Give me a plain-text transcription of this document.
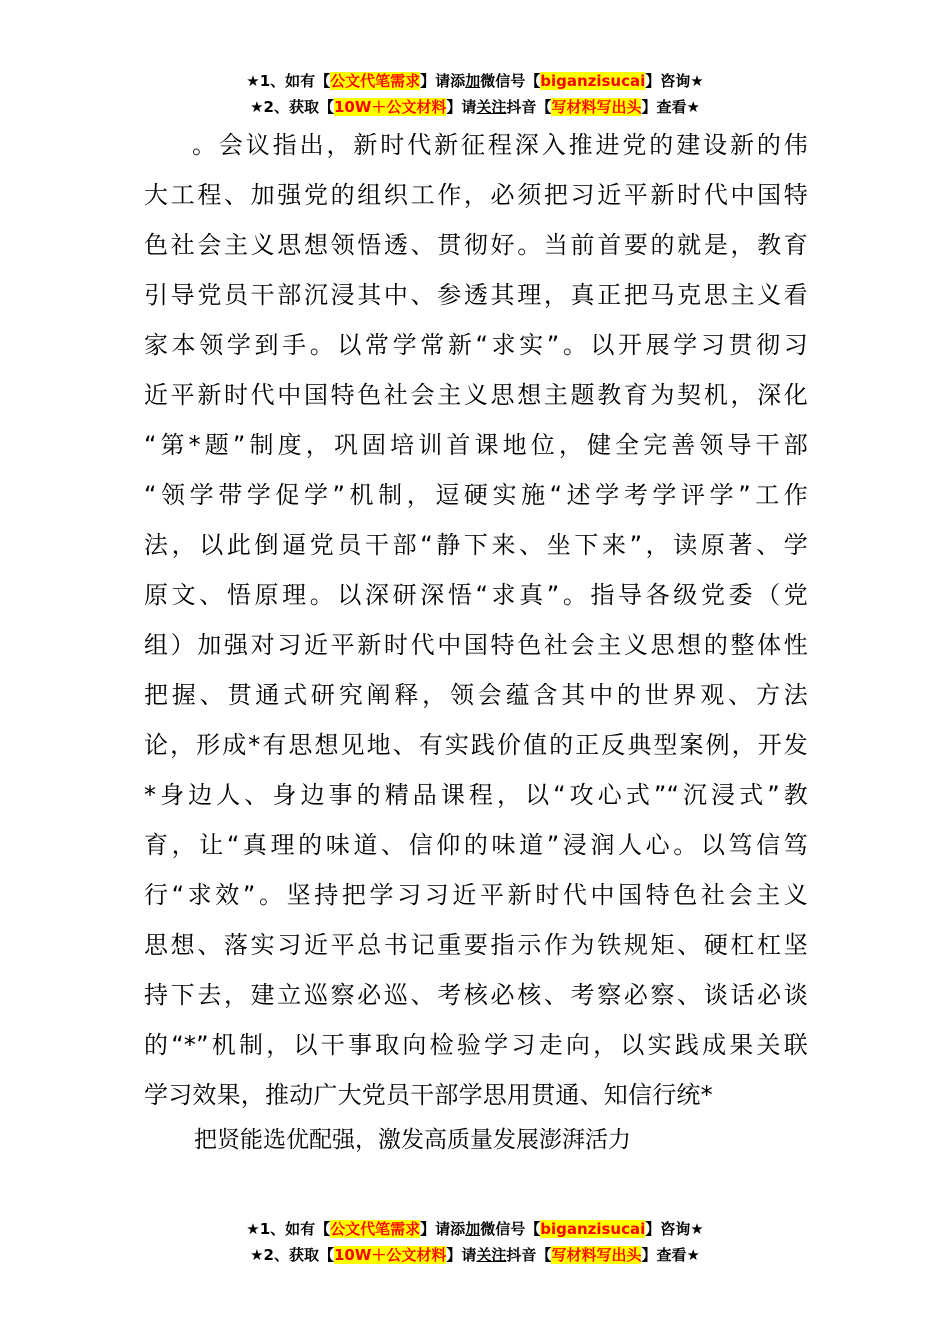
★1、如有【公文代笔需求】请添加微信号【biganzisucai】咨询★
★2、获取【10W＋公文材料】请关注抖音【写材料写出头】查看★
。会议指出，新时代新征程深入推进党的建设新的伟
大工程、加强党的组织工作，必须把习近平新时代中国特
色社会主义思想领悟透、贯彻好。当前首要的就是，教育
引导党员干部沉浸其中、参透其理，真正把马克思主义看
家本领学到手。以常学常新“求实”。以开展学习贯彻习
近平新时代中国特色社会主义思想主题教育为契机，深化
“第*题”制度，巩固培训首课地位，健全完善领导干部
“领学带学促学”机制，逗硬实施“述学考学评学”工作
法，以此倒逼党员干部“静下来、坐下来”，读原著、学
原文、悟原理。以深研深悟“求真”。指导各级党委（党
组）加强对习近平新时代中国特色社会主义思想的整体性
把握、贯通式研究阐释，领会蕴含其中的世界观、方法
论，形成*有思想见地、有实践价值的正反典型案例，开发
*身边人、身边事的精品课程，以“攻心式”“沉浸式”教
育，让“真理的味道、信仰的味道”浸润人心。以笃信笃
行“求效”。坚持把学习习近平新时代中国特色社会主义
思想、落实习近平总书记重要指示作为铁规矩、硬杠杠坚
持下去，建立巡察必巡、考核必核、考察必察、谈话必谈
的“*”机制，以干事取向检验学习走向，以实践成果关联
学习效果，推动广大党员干部学思用贯通、知信行统*
把贤能选优配强，激发高质量发展澎湃活力
★1、如有【公文代笔需求】请添加微信号【biganzisucai】咨询★
★2、获取【10W＋公文材料】请关注抖音【写材料写出头】查看★
